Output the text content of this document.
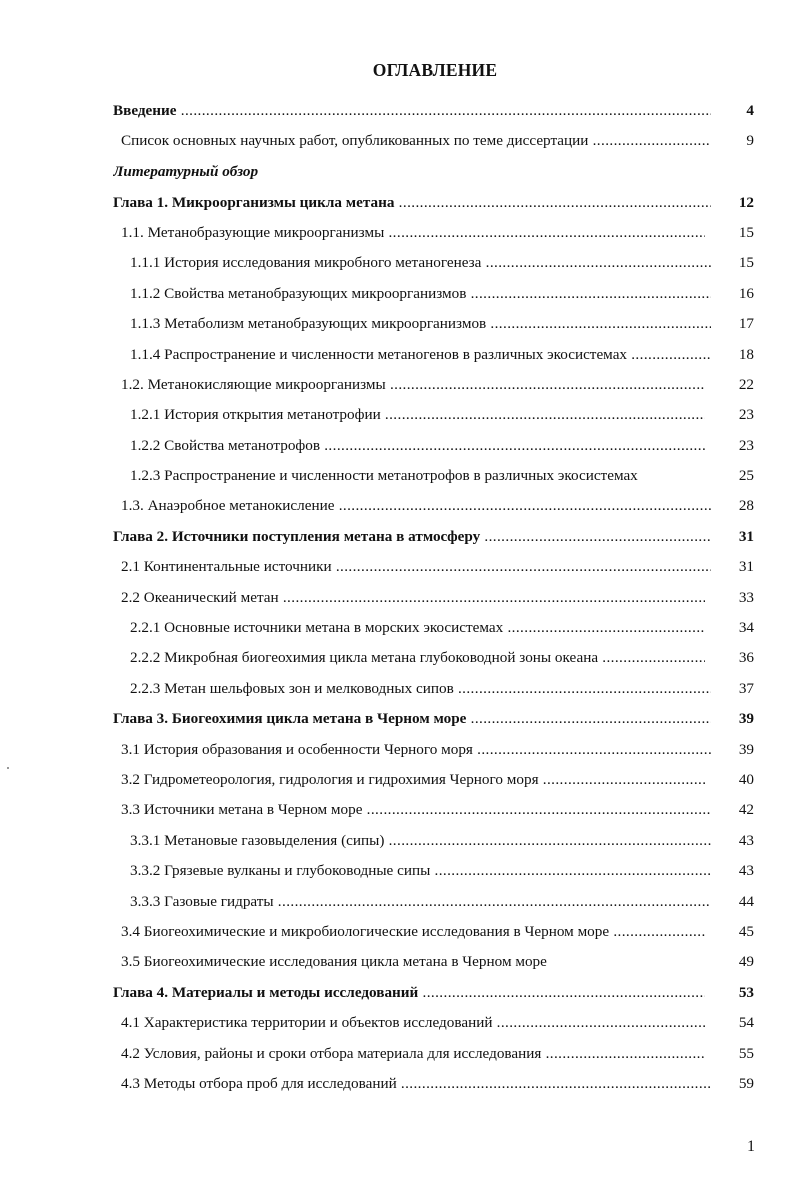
ОГЛАВЛЕНИЕ
Введение .....	4
Список основных научных работ, опубликованных по теме диссертации .....	9
Литературный обзор
Глава 1. Микроорганизмы цикла метана .....	12
1.1. Метанобразующие микроорганизмы .....	15
1.1.1 История исследования микробного метаногенеза .....	15
1.1.2 Свойства метанобразующих микроорганизмов .....	16
1.1.3 Метаболизм метанобразующих микроорганизмов .....	17
1.1.4 Распространение и численности метаногенов в различных экосистемах .....	18
1.2. Метанокисляющие микроорганизмы .....	22
1.2.1 История открытия метанотрофии .....	23
1.2.2 Свойства метанотрофов .....	23
1.2.3 Распространение и численности метанотрофов в различных экосистемах	25
1.3. Анаэробное метанокисление .....	28
Глава 2. Источники поступления метана в атмосферу .....	31
2.1 Континентальные источники .....	31
2.2 Океанический метан .....	33
2.2.1 Основные источники метана в морских экосистемах .....	34
2.2.2 Микробная биогеохимия цикла метана глубоководной зоны океана .....	36
2.2.3 Метан шельфовых зон и мелководных сипов .....	37
Глава 3. Биогеохимия цикла метана в Черном море .....	39
3.1 История образования и особенности Черного моря .....	39
3.2 Гидрометеорология, гидрология и гидрохимия Черного моря .....	40
3.3 Источники метана в Черном море .....	42
3.3.1 Метановые газовыделения (сипы) .....	43
3.3.2 Грязевые вулканы и глубоководные сипы .....	43
3.3.3 Газовые гидраты .....	44
3.4 Биогеохимические и микробиологические исследования в Черном море .....	45
3.5 Биогеохимические исследования цикла метана в Черном море	49
Глава 4. Материалы и методы исследований .....	53
4.1 Характеристика территории и объектов исследований .....	54
4.2 Условия, районы и сроки отбора материала для исследования .....	55
4.3 Методы отбора проб для исследований .....	59
1
